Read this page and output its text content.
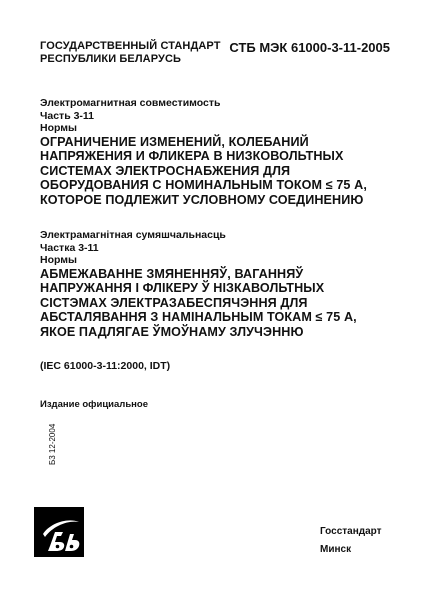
ГОСУДАРСТВЕННЫЙ СТАНДАРТ
РЕСПУБЛИКИ БЕЛАРУСЬ
СТБ МЭК 61000-3-11-2005
Электромагнитная совместимость
Часть 3-11
Нормы
ОГРАНИЧЕНИЕ ИЗМЕНЕНИЙ, КОЛЕБАНИЙ
НАПРЯЖЕНИЯ И ФЛИКЕРА В НИЗКОВОЛЬТНЫХ
СИСТЕМАХ ЭЛЕКТРОСНАБЖЕНИЯ ДЛЯ
ОБОРУДОВАНИЯ С НОМИНАЛЬНЫМ ТОКОМ ≤ 75 А,
КОТОРОЕ ПОДЛЕЖИТ УСЛОВНОМУ СОЕДИНЕНИЮ
Электрамагнітная сумяшчальнасць
Частка 3-11
Нормы
АБМЕЖАВАННЕ ЗМЯНЕННЯЎ, ВАГАННЯЎ
НАПРУЖАННЯ І ФЛІКЕРУ Ў НІЗКАВОЛЬТНЫХ
СІСТЭМАХ ЭЛЕКТРАЗАБЕСПЯЧЭННЯ ДЛЯ
АБСТАЛЯВАННЯ З НАМІНАЛЬНЫМ ТОКАМ ≤ 75 А,
ЯКОЕ ПАДЛЯГАЕ ЎМОЎНАМУ ЗЛУЧЭННЮ
(IEC 61000-3-11:2000, IDT)
Издание официальное
Б3 12-2004
Госстандарт
Минск
